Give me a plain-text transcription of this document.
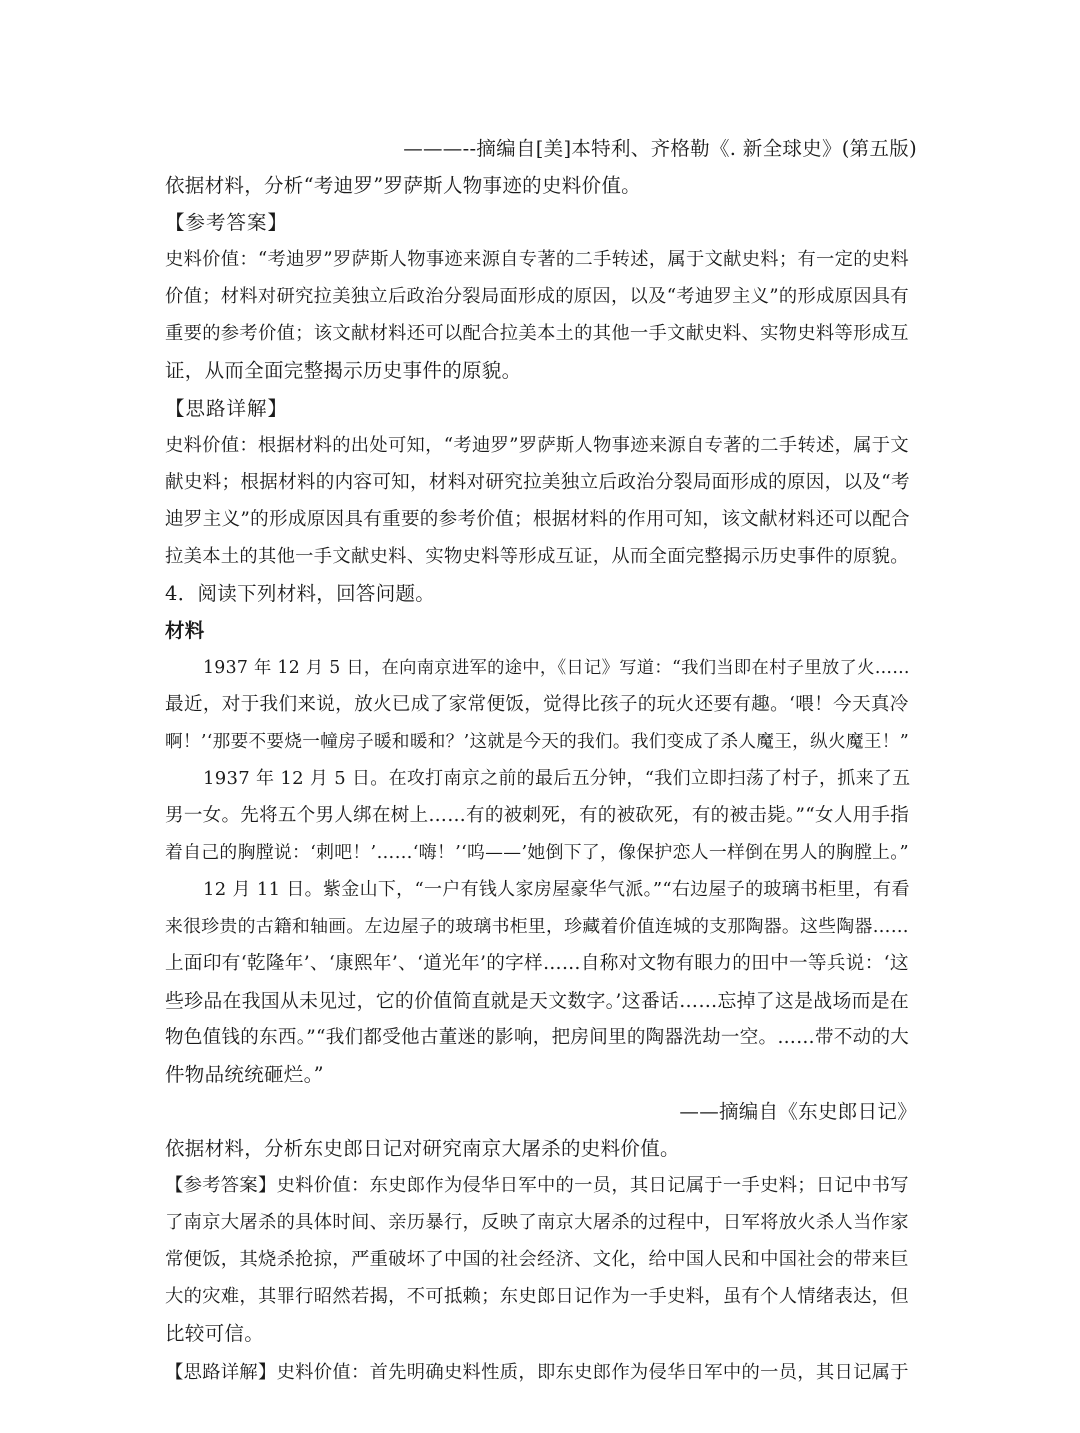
———--摘编自[美]本特利、齐格勒《. 新全球史》(第五版)
依据材料，分析“考迪罗”罗萨斯人物事迹的史料价值。
【参考答案】
史料价值：“考迪罗”罗萨斯人物事迹来源自专著的二手转述，属于文献史料；有一定的史料
价值；材料对研究拉美独立后政治分裂局面形成的原因，以及“考迪罗主义”的形成原因具有
重要的参考价值；该文献材料还可以配合拉美本土的其他一手文献史料、实物史料等形成互
证，从而全面完整揭示历史事件的原貌。
【思路详解】
史料价值：根据材料的出处可知，“考迪罗”罗萨斯人物事迹来源自专著的二手转述，属于文
献史料；根据材料的内容可知，材料对研究拉美独立后政治分裂局面形成的原因，以及“考
迪罗主义”的形成原因具有重要的参考价值；根据材料的作用可知，该文献材料还可以配合
拉美本土的其他一手文献史料、实物史料等形成互证，从而全面完整揭示历史事件的原貌。
4．阅读下列材料，回答问题。
材料
1937 年 12 月 5 日，在向南京进军的途中，《日记》写道：“我们当即在村子里放了火……
最近，对于我们来说，放火已成了家常便饭，觉得比孩子的玩火还要有趣。‘喂！今天真冷
啊！’‘那要不要烧一幢房子暖和暖和？’这就是今天的我们。我们变成了杀人魔王，纵火魔王！”
1937 年 12 月 5 日。在攻打南京之前的最后五分钟，“我们立即扫荡了村子，抓来了五
男一女。先将五个男人绑在树上……有的被刺死，有的被砍死，有的被击毙。”“女人用手指
着自己的胸膛说：‘刺吧！’……‘嗨！’‘呜——’她倒下了，像保护恋人一样倒在男人的胸膛上。”
12 月 11 日。紫金山下，“一户有钱人家房屋豪华气派。”“右边屋子的玻璃书柜里，有看
来很珍贵的古籍和轴画。左边屋子的玻璃书柜里，珍藏着价值连城的支那陶器。这些陶器……
上面印有‘乾隆年’、‘康熙年’、‘道光年’的字样……自称对文物有眼力的田中一等兵说：‘这
些珍品在我国从未见过，它的价值简直就是天文数字。’这番话……忘掉了这是战场而是在
物色值钱的东西。”“我们都受他古董迷的影响，把房间里的陶器洗劫一空。……带不动的大
件物品统统砸烂。”
——摘编自《东史郎日记》
依据材料，分析东史郎日记对研究南京大屠杀的史料价值。
【参考答案】史料价值：东史郎作为侵华日军中的一员，其日记属于一手史料；日记中书写
了南京大屠杀的具体时间、亲历暴行，反映了南京大屠杀的过程中，日军将放火杀人当作家
常便饭，其烧杀抢掠，严重破坏了中国的社会经济、文化，给中国人民和中国社会的带来巨
大的灾难，其罪行昭然若揭，不可抵赖；东史郎日记作为一手史料，虽有个人情绪表达，但
比较可信。
【思路详解】史料价值：首先明确史料性质，即东史郎作为侵华日军中的一员，其日记属于
